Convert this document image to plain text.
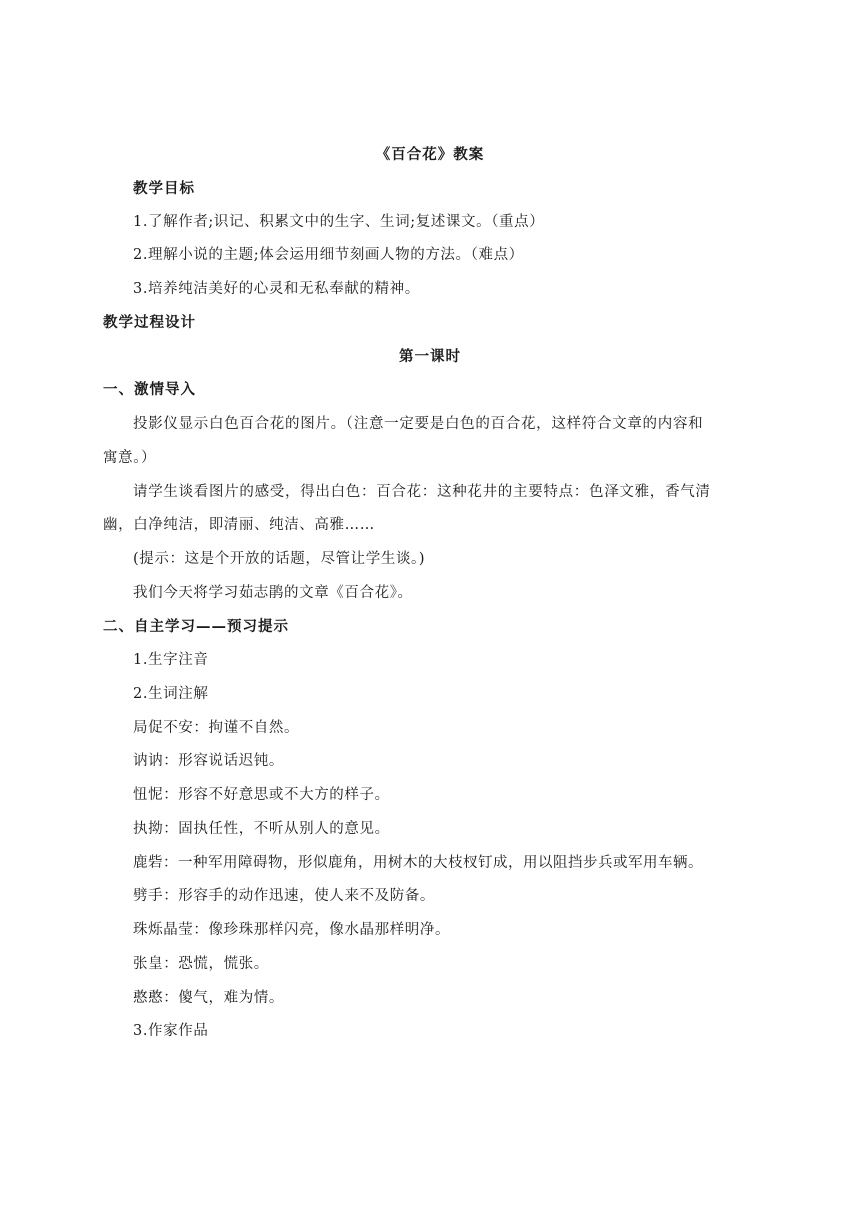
《百合花》教案
教学目标
1.了解作者;识记、积累文中的生字、生词;复述课文。（重点）
2.理解小说的主题;体会运用细节刻画人物的方法。（难点）
3.培养纯洁美好的心灵和无私奉献的精神。
教学过程设计
第一课时
一、激情导入
投影仪显示白色百合花的图片。（注意一定要是白色的百合花，这样符合文章的内容和
寓意。）
请学生谈看图片的感受，得出白色：百合花：这种花井的主要特点：色泽文雅，香气清
幽，白净纯洁，即清丽、纯洁、高雅……
(提示：这是个开放的话题，尽管让学生谈。)
我们今天将学习茹志鹃的文章《百合花》。
二、自主学习——预习提示
1.生字注音
2.生词注解
局促不安：拘谨不自然。
讷讷：形容说话迟钝。
忸怩：形容不好意思或不大方的样子。
执拗：固执任性，不听从别人的意见。
鹿砦：一种军用障碍物，形似鹿角，用树木的大枝杈钉成，用以阻挡步兵或军用车辆。
劈手：形容手的动作迅速，使人来不及防备。
珠烁晶莹：像珍珠那样闪亮，像水晶那样明净。
张皇：恐慌，慌张。
憨憨：傻气，难为情。
3.作家作品
